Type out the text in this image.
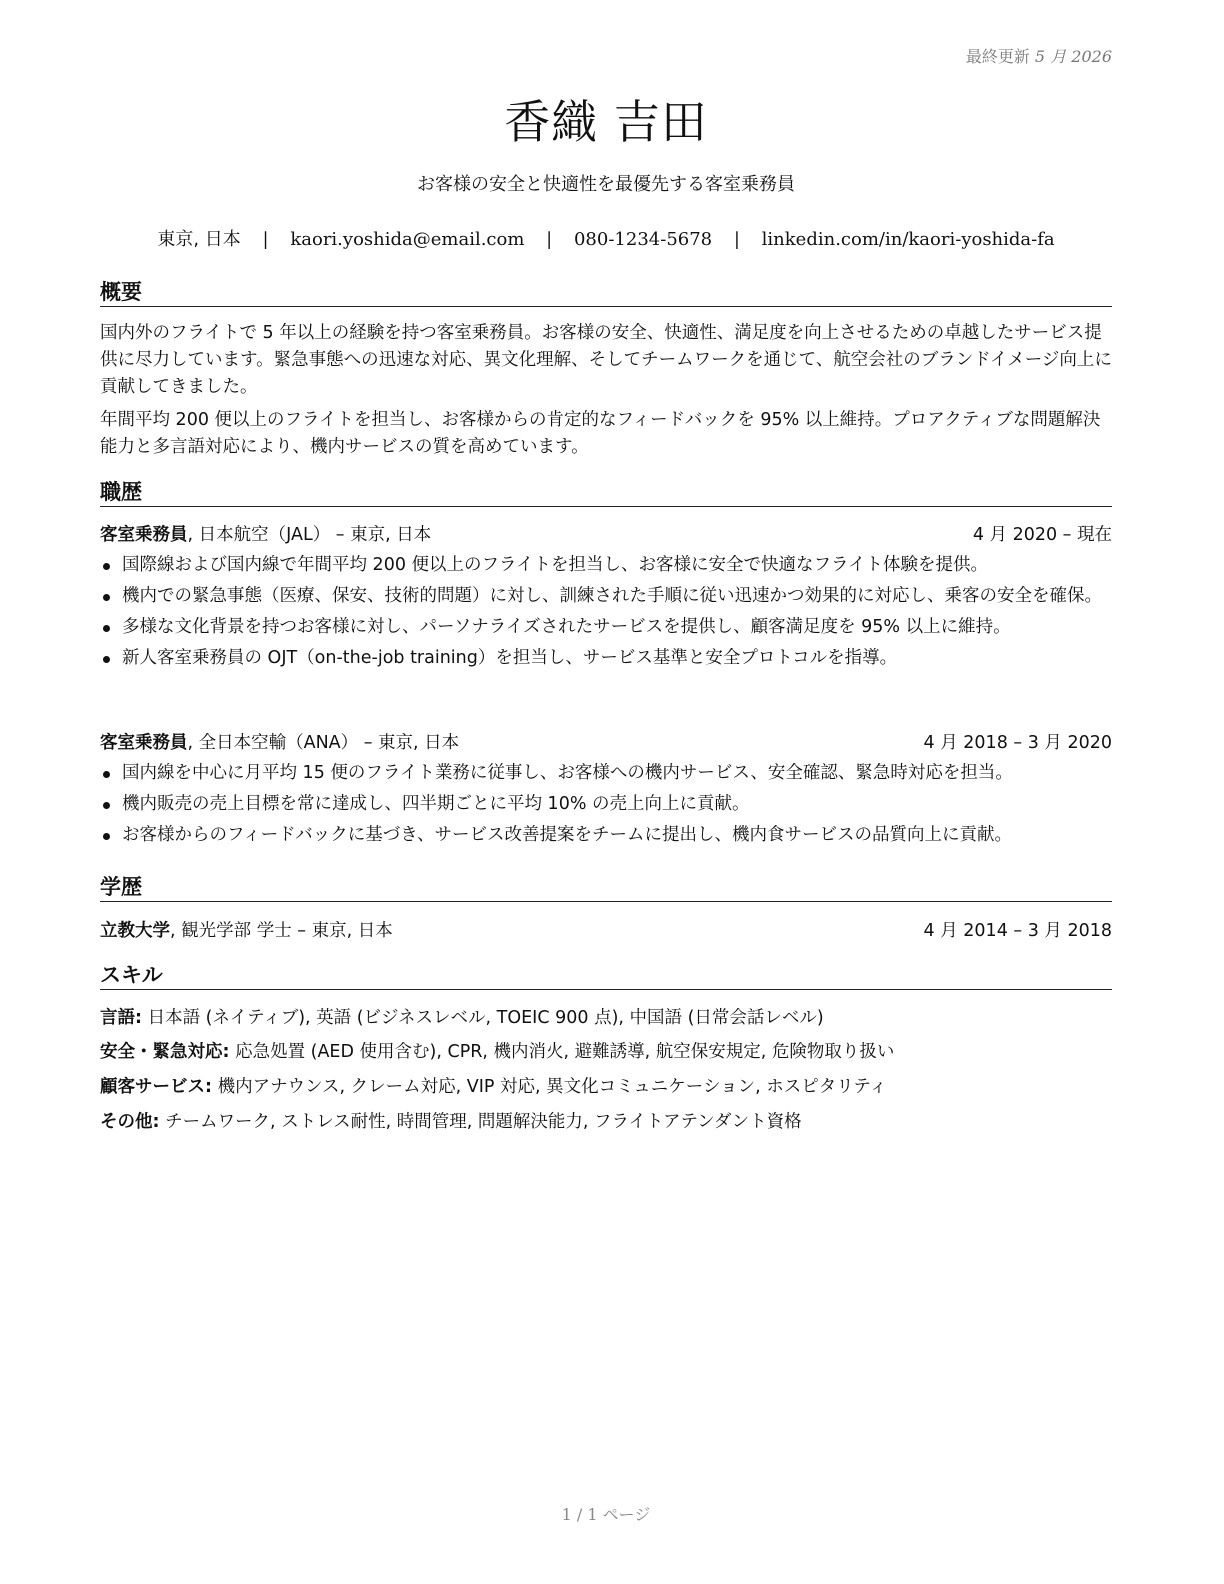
最終更新 5 月 2026
香織 吉田
お客様の安全と快適性を最優先する客室乗務員
東京, 日本 | kaori.yoshida@email.com | 080-1234-5678 | linkedin.com/in/kaori-yoshida-fa
概要
国内外のフライトで 5 年以上の経験を持つ客室乗務員。お客様の安全、快適性、満足度を向上させるための卓越したサービス提供に尽力しています。緊急事態への迅速な対応、異文化理解、そしてチームワークを通じて、航空会社のブランドイメージ向上に貢献してきました。
年間平均 200 便以上のフライトを担当し、お客様からの肯定的なフィードバックを 95% 以上維持。プロアクティブな問題解決能力と多言語対応により、機内サービスの質を高めています。
職歴
客室乗務員, 日本航空（JAL） – 東京, 日本	4 月 2020 – 現在
国際線および国内線で年間平均 200 便以上のフライトを担当し、お客様に安全で快適なフライト体験を提供。
機内での緊急事態（医療、保安、技術的問題）に対し、訓練された手順に従い迅速かつ効果的に対応し、乗客の安全を確保。
多様な文化背景を持つお客様に対し、パーソナライズされたサービスを提供し、顧客満足度を 95% 以上に維持。
新人客室乗務員の OJT（on-the-job training）を担当し、サービス基準と安全プロトコルを指導。
客室乗務員, 全日本空輸（ANA） – 東京, 日本	4 月 2018 – 3 月 2020
国内線を中心に月平均 15 便のフライト業務に従事し、お客様への機内サービス、安全確認、緊急時対応を担当。
機内販売の売上目標を常に達成し、四半期ごとに平均 10% の売上向上に貢献。
お客様からのフィードバックに基づき、サービス改善提案をチームに提出し、機内食サービスの品質向上に貢献。
学歴
立教大学, 観光学部 学士 – 東京, 日本	4 月 2014 – 3 月 2018
スキル
言語: 日本語 (ネイティブ), 英語 (ビジネスレベル, TOEIC 900 点), 中国語 (日常会話レベル)
安全・緊急対応: 応急処置 (AED 使用含む), CPR, 機内消火, 避難誘導, 航空保安規定, 危険物取り扱い
顧客サービス: 機内アナウンス, クレーム対応, VIP 対応, 異文化コミュニケーション, ホスピタリティ
その他: チームワーク, ストレス耐性, 時間管理, 問題解決能力, フライトアテンダント資格
1 / 1 ページ
